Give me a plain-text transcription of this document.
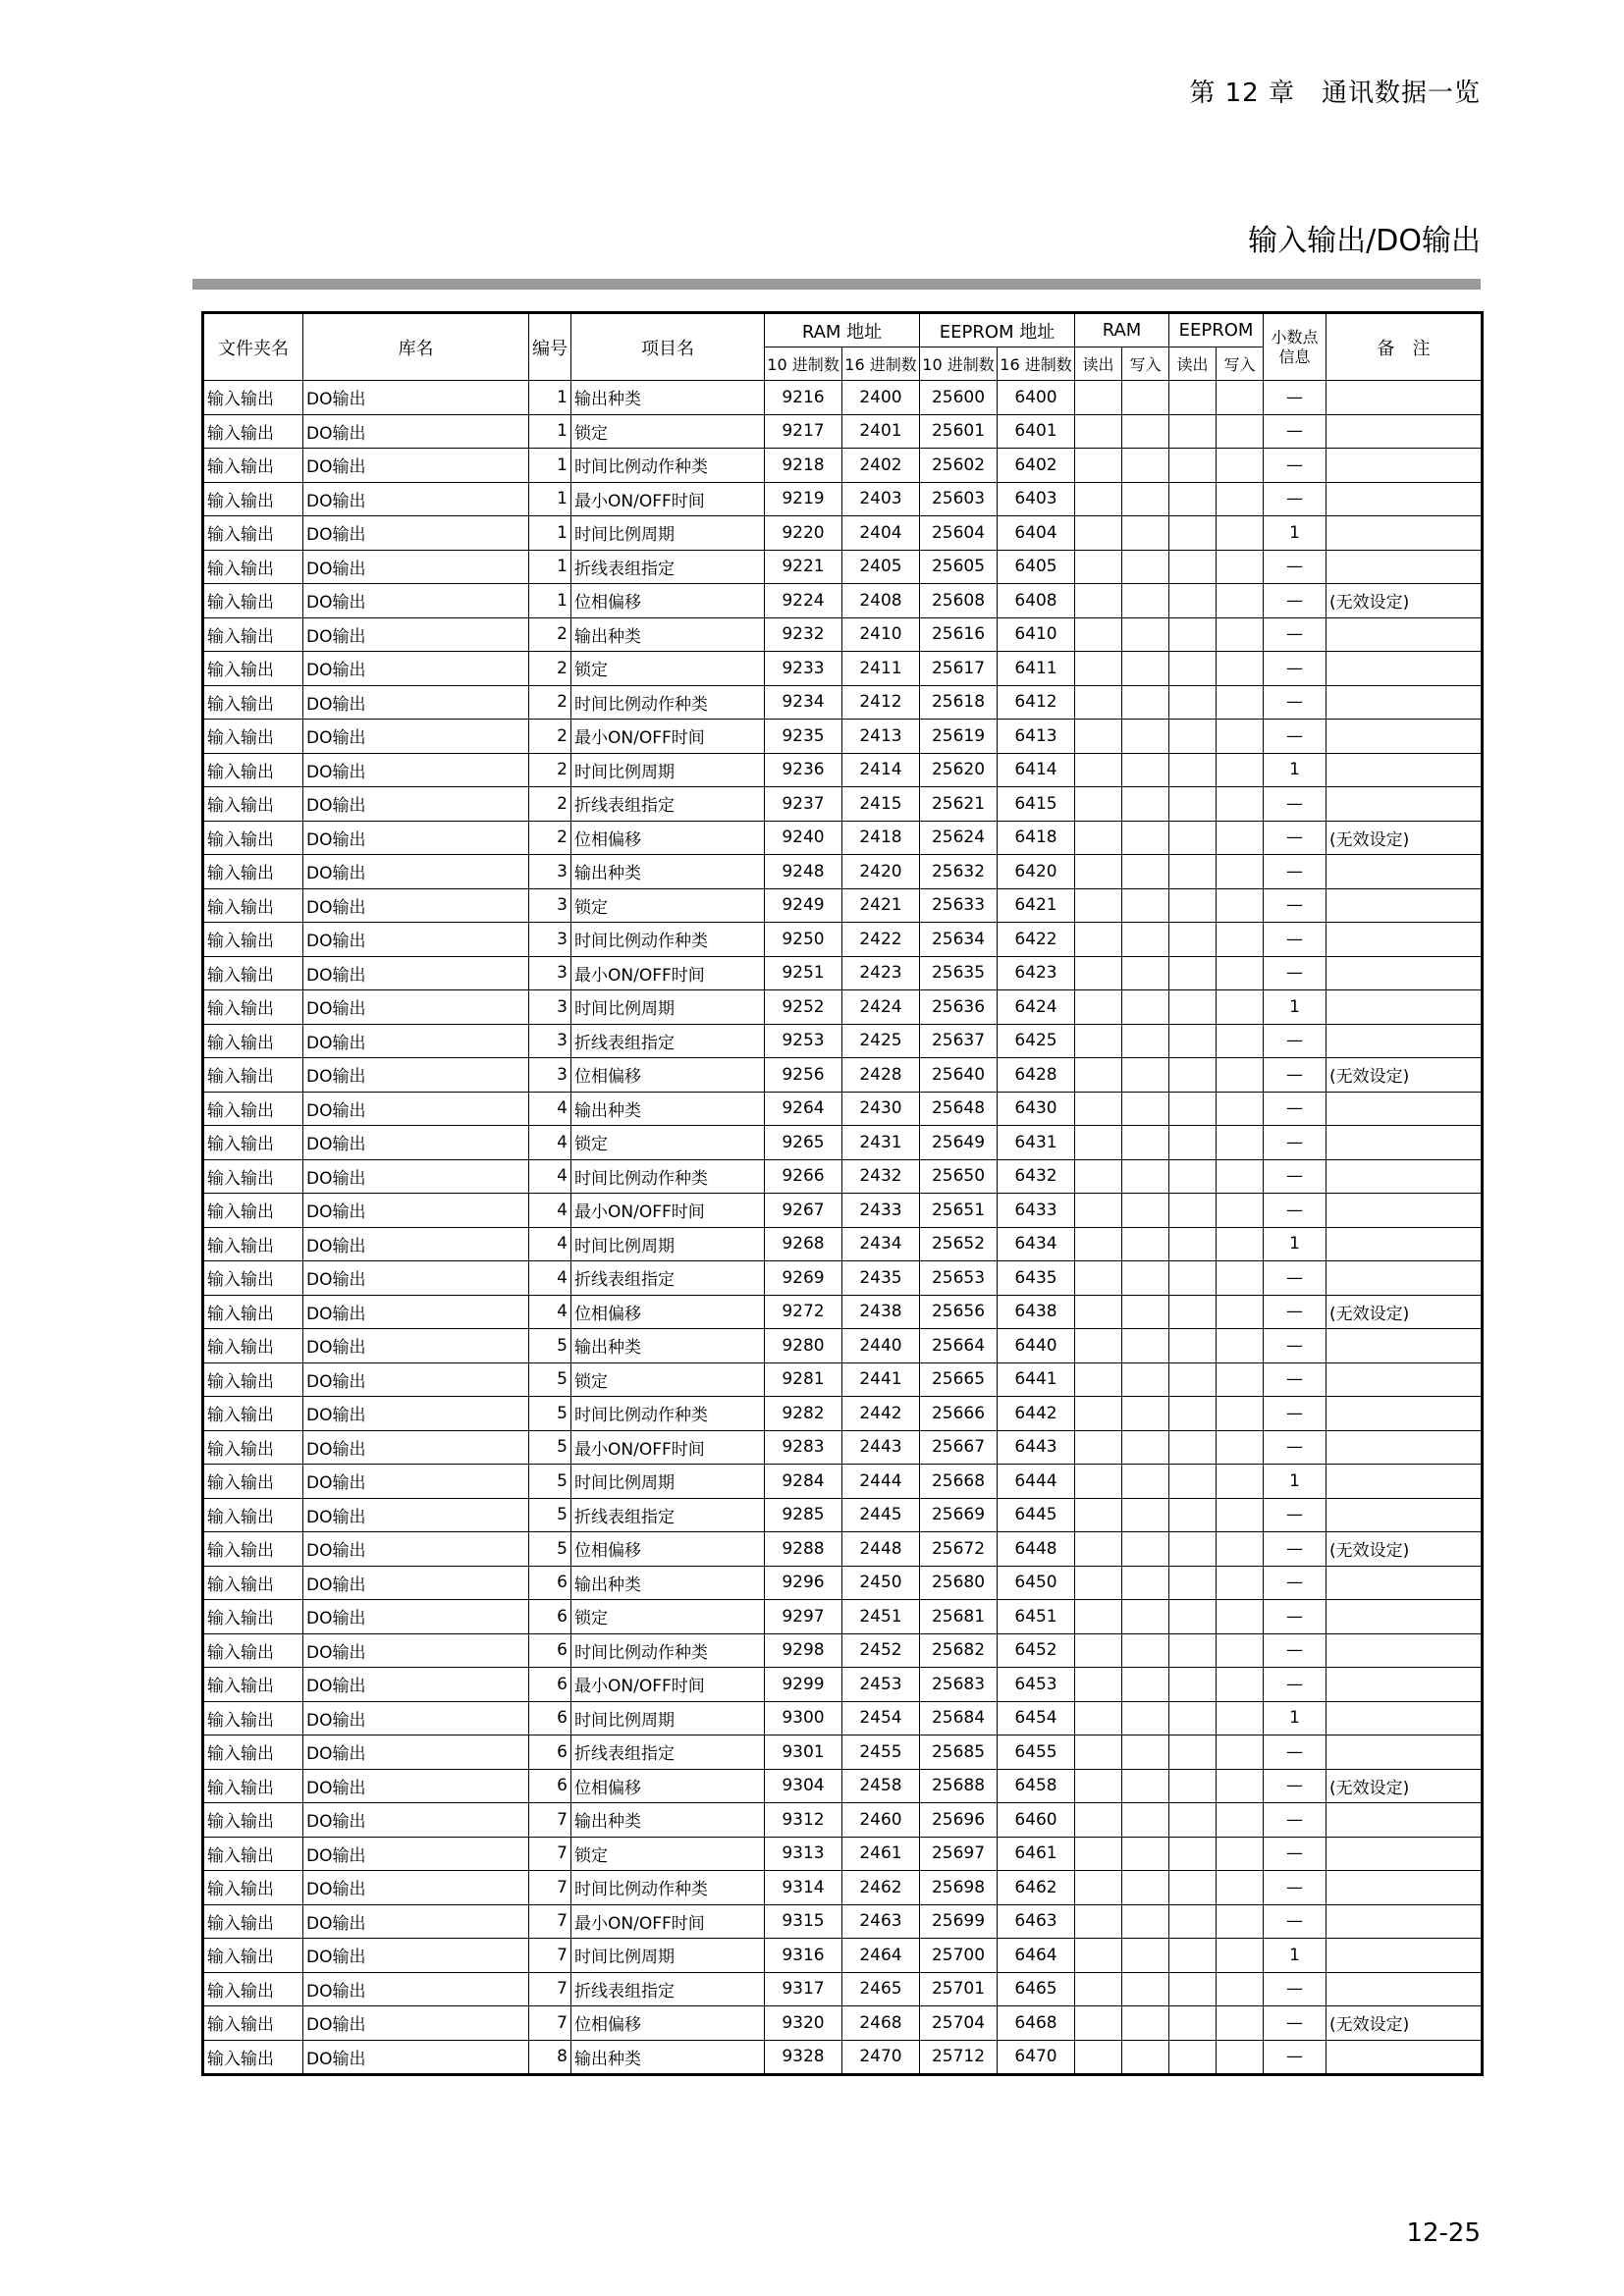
第 12 章　通讯数据一览
输入输出/DO输出
文件夹名	库名	编号	项目名	RAM 地址		EEPROM 地址		RAM		EEPROM		小数点信息	备　注
				10 进制数	16 进制数	10 进制数	16 进制数	读出	写入	读出	写入		
输入输出	DO输出	1	输出种类	9216	2400	25600	6400					—	
输入输出	DO输出	1	锁定	9217	2401	25601	6401					—	
输入输出	DO输出	1	时间比例动作种类	9218	2402	25602	6402					—	
输入输出	DO输出	1	最小ON/OFF时间	9219	2403	25603	6403					—	
输入输出	DO输出	1	时间比例周期	9220	2404	25604	6404					1	
输入输出	DO输出	1	折线表组指定	9221	2405	25605	6405					—	
输入输出	DO输出	1	位相偏移	9224	2408	25608	6408					—	(无效设定)
输入输出	DO输出	2	输出种类	9232	2410	25616	6410					—	
输入输出	DO输出	2	锁定	9233	2411	25617	6411					—	
输入输出	DO输出	2	时间比例动作种类	9234	2412	25618	6412					—	
输入输出	DO输出	2	最小ON/OFF时间	9235	2413	25619	6413					—	
输入输出	DO输出	2	时间比例周期	9236	2414	25620	6414					1	
输入输出	DO输出	2	折线表组指定	9237	2415	25621	6415					—	
输入输出	DO输出	2	位相偏移	9240	2418	25624	6418					—	(无效设定)
输入输出	DO输出	3	输出种类	9248	2420	25632	6420					—	
输入输出	DO输出	3	锁定	9249	2421	25633	6421					—	
输入输出	DO输出	3	时间比例动作种类	9250	2422	25634	6422					—	
输入输出	DO输出	3	最小ON/OFF时间	9251	2423	25635	6423					—	
输入输出	DO输出	3	时间比例周期	9252	2424	25636	6424					1	
输入输出	DO输出	3	折线表组指定	9253	2425	25637	6425					—	
输入输出	DO输出	3	位相偏移	9256	2428	25640	6428					—	(无效设定)
输入输出	DO输出	4	输出种类	9264	2430	25648	6430					—	
输入输出	DO输出	4	锁定	9265	2431	25649	6431					—	
输入输出	DO输出	4	时间比例动作种类	9266	2432	25650	6432					—	
输入输出	DO输出	4	最小ON/OFF时间	9267	2433	25651	6433					—	
输入输出	DO输出	4	时间比例周期	9268	2434	25652	6434					1	
输入输出	DO输出	4	折线表组指定	9269	2435	25653	6435					—	
输入输出	DO输出	4	位相偏移	9272	2438	25656	6438					—	(无效设定)
输入输出	DO输出	5	输出种类	9280	2440	25664	6440					—	
输入输出	DO输出	5	锁定	9281	2441	25665	6441					—	
输入输出	DO输出	5	时间比例动作种类	9282	2442	25666	6442					—	
输入输出	DO输出	5	最小ON/OFF时间	9283	2443	25667	6443					—	
输入输出	DO输出	5	时间比例周期	9284	2444	25668	6444					1	
输入输出	DO输出	5	折线表组指定	9285	2445	25669	6445					—	
输入输出	DO输出	5	位相偏移	9288	2448	25672	6448					—	(无效设定)
输入输出	DO输出	6	输出种类	9296	2450	25680	6450					—	
输入输出	DO输出	6	锁定	9297	2451	25681	6451					—	
输入输出	DO输出	6	时间比例动作种类	9298	2452	25682	6452					—	
输入输出	DO输出	6	最小ON/OFF时间	9299	2453	25683	6453					—	
输入输出	DO输出	6	时间比例周期	9300	2454	25684	6454					1	
输入输出	DO输出	6	折线表组指定	9301	2455	25685	6455					—	
输入输出	DO输出	6	位相偏移	9304	2458	25688	6458					—	(无效设定)
输入输出	DO输出	7	输出种类	9312	2460	25696	6460					—	
输入输出	DO输出	7	锁定	9313	2461	25697	6461					—	
输入输出	DO输出	7	时间比例动作种类	9314	2462	25698	6462					—	
输入输出	DO输出	7	最小ON/OFF时间	9315	2463	25699	6463					—	
输入输出	DO输出	7	时间比例周期	9316	2464	25700	6464					1	
输入输出	DO输出	7	折线表组指定	9317	2465	25701	6465					—	
输入输出	DO输出	7	位相偏移	9320	2468	25704	6468					—	(无效设定)
输入输出	DO输出	8	输出种类	9328	2470	25712	6470					—	
12-25
